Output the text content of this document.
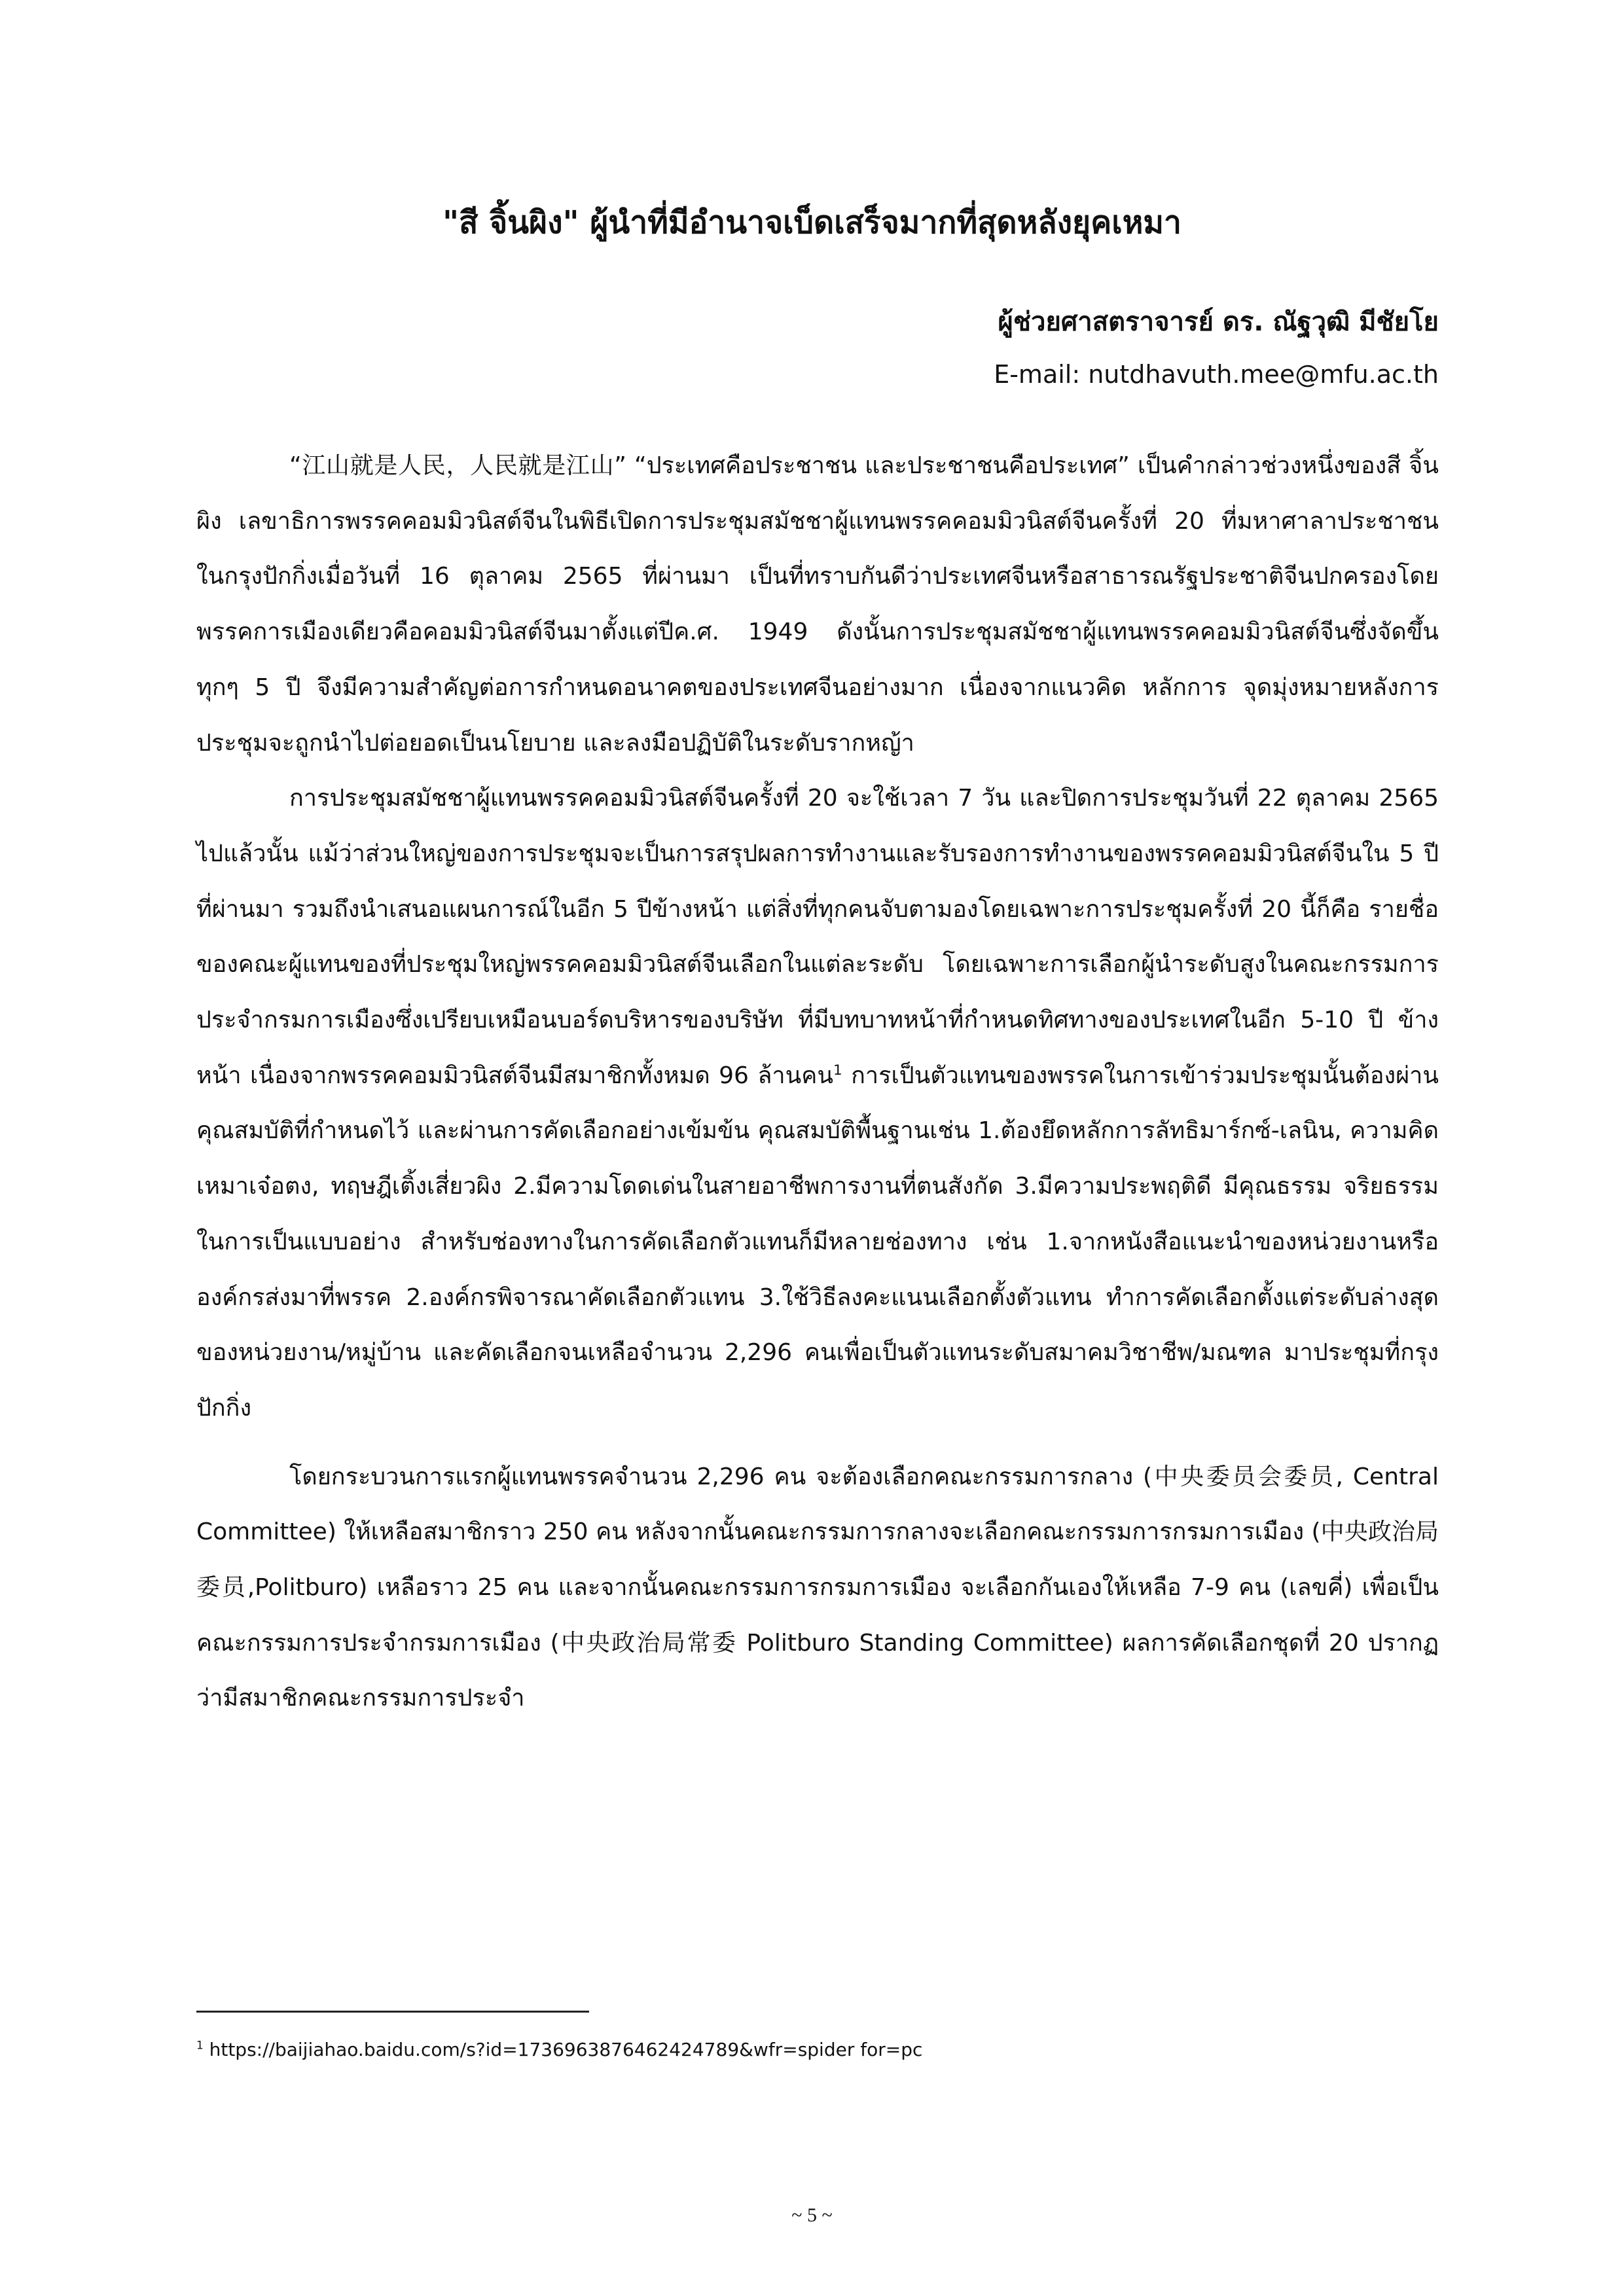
"สี จิ้นผิง" ผู้นำที่มีอำนาจเบ็ดเสร็จมากที่สุดหลังยุคเหมา
ผู้ช่วยศาสตราจารย์ ดร. ณัฐวุฒิ มีชัยโย
E-mail: nutdhavuth.mee@mfu.ac.th

“江山就是人民，人民就是江山” “ประเทศคือประชาชน และประชาชนคือประเทศ” เป็นคำกล่าวช่วงหนึ่งของสี จิ้นผิง เลขาธิการพรรคคอมมิวนิสต์จีนในพิธีเปิดการประชุมสมัชชาผู้แทนพรรคคอมมิวนิสต์จีนครั้งที่ 20 ที่มหาศาลาประชาชน ในกรุงปักกิ่งเมื่อวันที่ 16 ตุลาคม 2565 ที่ผ่านมา เป็นที่ทราบกันดีว่าประเทศจีนหรือสาธารณรัฐประชาติจีนปกครองโดยพรรคการเมืองเดียวคือคอมมิวนิสต์จีนมาตั้งแต่ปีค.ศ. 1949 ดังนั้นการประชุมสมัชชาผู้แทนพรรคคอมมิวนิสต์จีนซึ่งจัดขึ้นทุกๆ 5 ปี จึงมีความสำคัญต่อการกำหนดอนาคตของประเทศจีนอย่างมาก เนื่องจากแนวคิด หลักการ จุดมุ่งหมายหลังการประชุมจะถูกนำไปต่อยอดเป็นนโยบาย และลงมือปฏิบัติในระดับรากหญ้า

การประชุมสมัชชาผู้แทนพรรคคอมมิวนิสต์จีนครั้งที่ 20 จะใช้เวลา 7 วัน และปิดการประชุมวันที่ 22 ตุลาคม 2565 ไปแล้วนั้น แม้ว่าส่วนใหญ่ของการประชุมจะเป็นการสรุปผลการทำงานและรับรองการทำงานของพรรคคอมมิวนิสต์จีนใน 5 ปีที่ผ่านมา รวมถึงนำเสนอแผนการณ์ในอีก 5 ปีข้างหน้า แต่สิ่งที่ทุกคนจับตามองโดยเฉพาะการประชุมครั้งที่ 20 นี้ก็คือ รายชื่อของคณะผู้แทนของที่ประชุมใหญ่พรรคคอมมิวนิสต์จีนเลือกในแต่ละระดับ โดยเฉพาะการเลือกผู้นำระดับสูงในคณะกรรมการประจำกรมการเมืองซึ่งเปรียบเหมือนบอร์ดบริหารของบริษัท ที่มีบทบาทหน้าที่กำหนดทิศทางของประเทศในอีก 5-10 ปี ข้างหน้า เนื่องจากพรรคคอมมิวนิสต์จีนมีสมาชิกทั้งหมด 96 ล้านคน$^1$ การเป็นตัวแทนของพรรคในการเข้าร่วมประชุมนั้นต้องผ่านคุณสมบัติที่กำหนดไว้ และผ่านการคัดเลือกอย่างเข้มข้น คุณสมบัติพื้นฐานเช่น 1.ต้องยึดหลักการลัทธิมาร์กซ์-เลนิน, ความคิดเหมาเจ๋อตง, ทฤษฎีเติ้งเสี่ยวผิง 2.มีความโดดเด่นในสายอาชีพการงานที่ตนสังกัด 3.มีความประพฤติดี มีคุณธรรม จริยธรรมในการเป็นแบบอย่าง สำหรับช่องทางในการคัดเลือกตัวแทนก็มีหลายช่องทาง เช่น 1.จากหนังสือแนะนำของหน่วยงานหรือองค์กรส่งมาที่พรรค 2.องค์กรพิจารณาคัดเลือกตัวแทน 3.ใช้วิธีลงคะแนนเลือกตั้งตัวแทน ทำการคัดเลือกตั้งแต่ระดับล่างสุดของหน่วยงาน/หมู่บ้าน และคัดเลือกจนเหลือจำนวน 2,296 คนเพื่อเป็นตัวแทนระดับสมาคมวิชาชีพ/มณฑล มาประชุมที่กรุงปักกิ่ง

โดยกระบวนการแรกผู้แทนพรรคจำนวน 2,296 คน จะต้องเลือกคณะกรรมการกลาง (中央委员会委员, Central Committee) ให้เหลือสมาชิกราว 250 คน หลังจากนั้นคณะกรรมการกลางจะเลือกคณะกรรมการกรมการเมือง (中央政治局委员,Politburo) เหลือราว 25 คน และจากนั้นคณะกรรมการกรมการเมือง จะเลือกกันเองให้เหลือ 7-9 คน (เลขคี่) เพื่อเป็นคณะกรรมการประจำกรมการเมือง (中央政治局常委 Politburo Standing Committee) ผลการคัดเลือกชุดที่ 20 ปรากฏว่ามีสมาชิกคณะกรรมการประจำ

$^1$ https://baijiahao.baidu.com/s?id=1736963876462424789&wfr=spider for=pc
~ 5 ~
